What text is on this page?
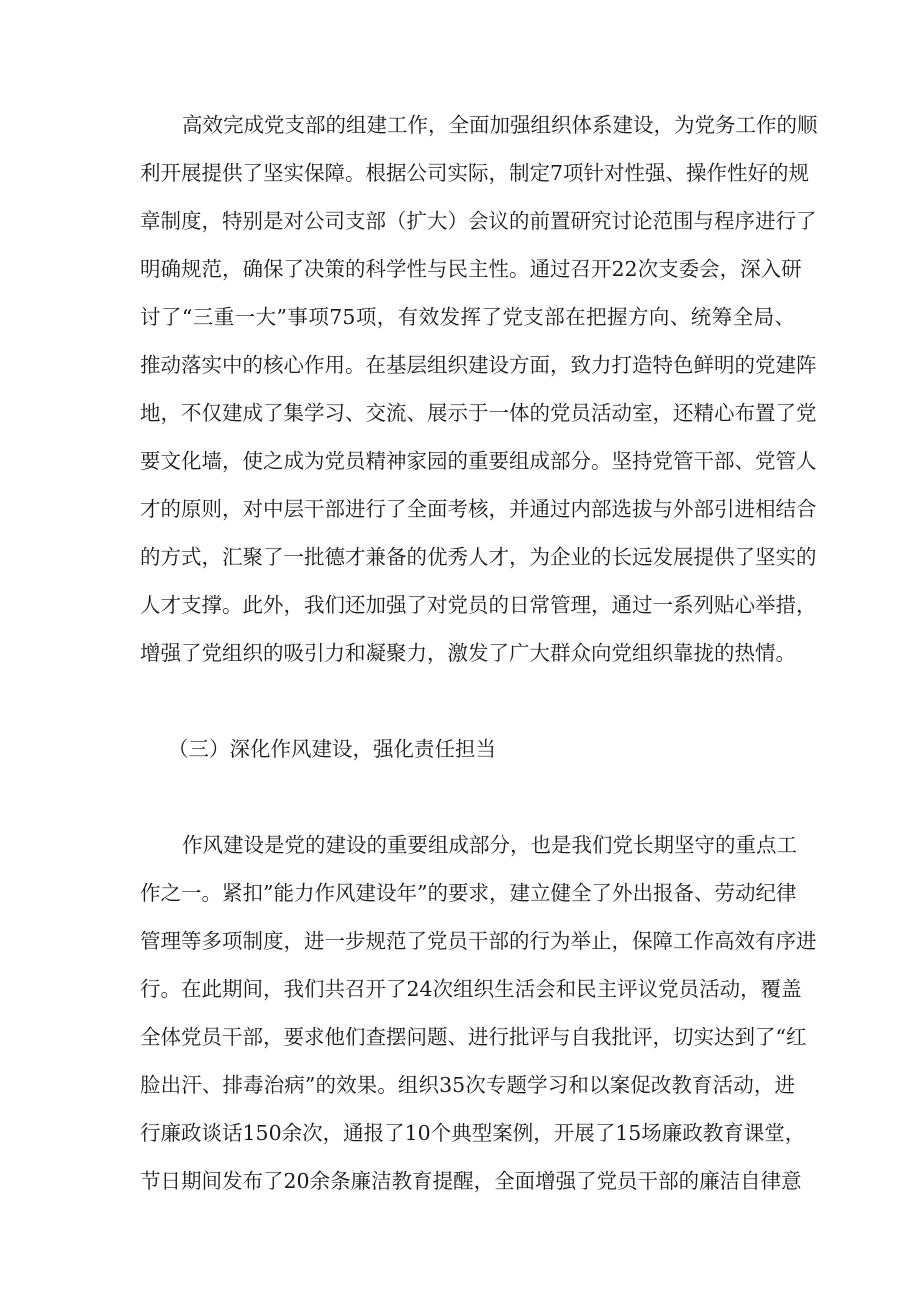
高效完成党支部的组建工作，全面加强组织体系建设，为党务工作的顺
利开展提供了坚实保障。根据公司实际，制定7项针对性强、操作性好的规
章制度，特别是对公司支部（扩大）会议的前置研究讨论范围与程序进行了
明确规范，确保了决策的科学性与民主性。通过召开22次支委会，深入研
讨了“三重一大”事项75项，有效发挥了党支部在把握方向、统筹全局、
推动落实中的核心作用。在基层组织建设方面，致力打造特色鲜明的党建阵
地，不仅建成了集学习、交流、展示于一体的党员活动室，还精心布置了党
要文化墙，使之成为党员精神家园的重要组成部分。坚持党管干部、党管人
才的原则，对中层干部进行了全面考核，并通过内部选拔与外部引进相结合
的方式，汇聚了一批德才兼备的优秀人才，为企业的长远发展提供了坚实的
人才支撑。此外，我们还加强了对党员的日常管理，通过一系列贴心举措，
增强了党组织的吸引力和凝聚力，激发了广大群众向党组织靠拢的热情。
（三）深化作风建设，强化责任担当
作风建设是党的建设的重要组成部分，也是我们党长期坚守的重点工
作之一。紧扣”能力作风建设年”的要求，建立健全了外出报备、劳动纪律
管理等多项制度，进一步规范了党员干部的行为举止，保障工作高效有序进
行。在此期间，我们共召开了24次组织生活会和民主评议党员活动，覆盖
全体党员干部，要求他们查摆问题、进行批评与自我批评，切实达到了“红
脸出汗、排毒治病”的效果。组织35次专题学习和以案促改教育活动，进
行廉政谈话150余次，通报了10个典型案例，开展了15场廉政教育课堂，
节日期间发布了20余条廉洁教育提醒，全面增强了党员干部的廉洁自律意
